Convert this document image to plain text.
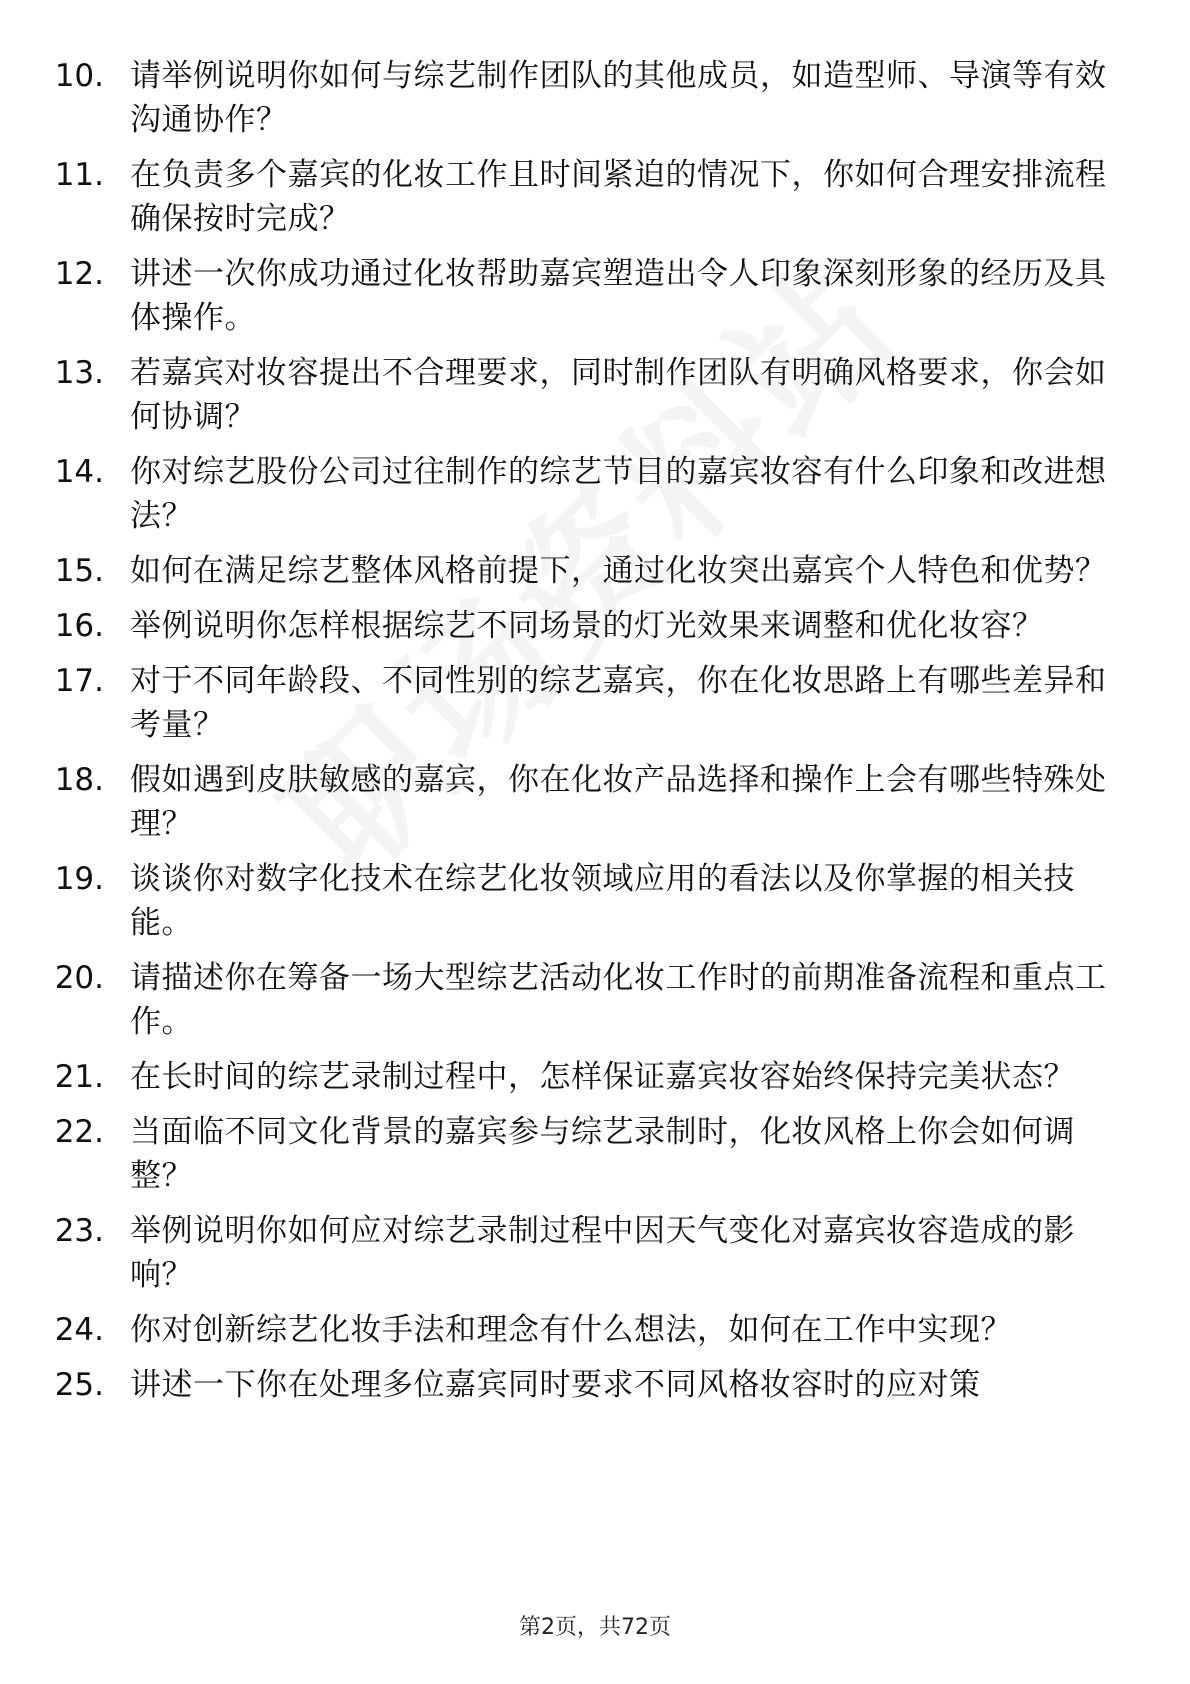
10. 请举例说明你如何与综艺制作团队的其他成员，如造型师、导演等有效沟通协作？
11. 在负责多个嘉宾的化妆工作且时间紧迫的情况下，你如何合理安排流程确保按时完成？
12. 讲述一次你成功通过化妆帮助嘉宾塑造出令人印象深刻形象的经历及具体操作。
13. 若嘉宾对妆容提出不合理要求，同时制作团队有明确风格要求，你会如何协调？
14. 你对综艺股份公司过往制作的综艺节目的嘉宾妆容有什么印象和改进想法？
15. 如何在满足综艺整体风格前提下，通过化妆突出嘉宾个人特色和优势？
16. 举例说明你怎样根据综艺不同场景的灯光效果来调整和优化妆容？
17. 对于不同年龄段、不同性别的综艺嘉宾，你在化妆思路上有哪些差异和考量？
18. 假如遇到皮肤敏感的嘉宾，你在化妆产品选择和操作上会有哪些特殊处理？
19. 谈谈你对数字化技术在综艺化妆领域应用的看法以及你掌握的相关技能。
20. 请描述你在筹备一场大型综艺活动化妆工作时的前期准备流程和重点工作。
21. 在长时间的综艺录制过程中，怎样保证嘉宾妆容始终保持完美状态？
22. 当面临不同文化背景的嘉宾参与综艺录制时，化妆风格上你会如何调整？
23. 举例说明你如何应对综艺录制过程中因天气变化对嘉宾妆容造成的影响？
24. 你对创新综艺化妆手法和理念有什么想法，如何在工作中实现？
25. 讲述一下你在处理多位嘉宾同时要求不同风格妆容时的应对策
第2页，共72页
